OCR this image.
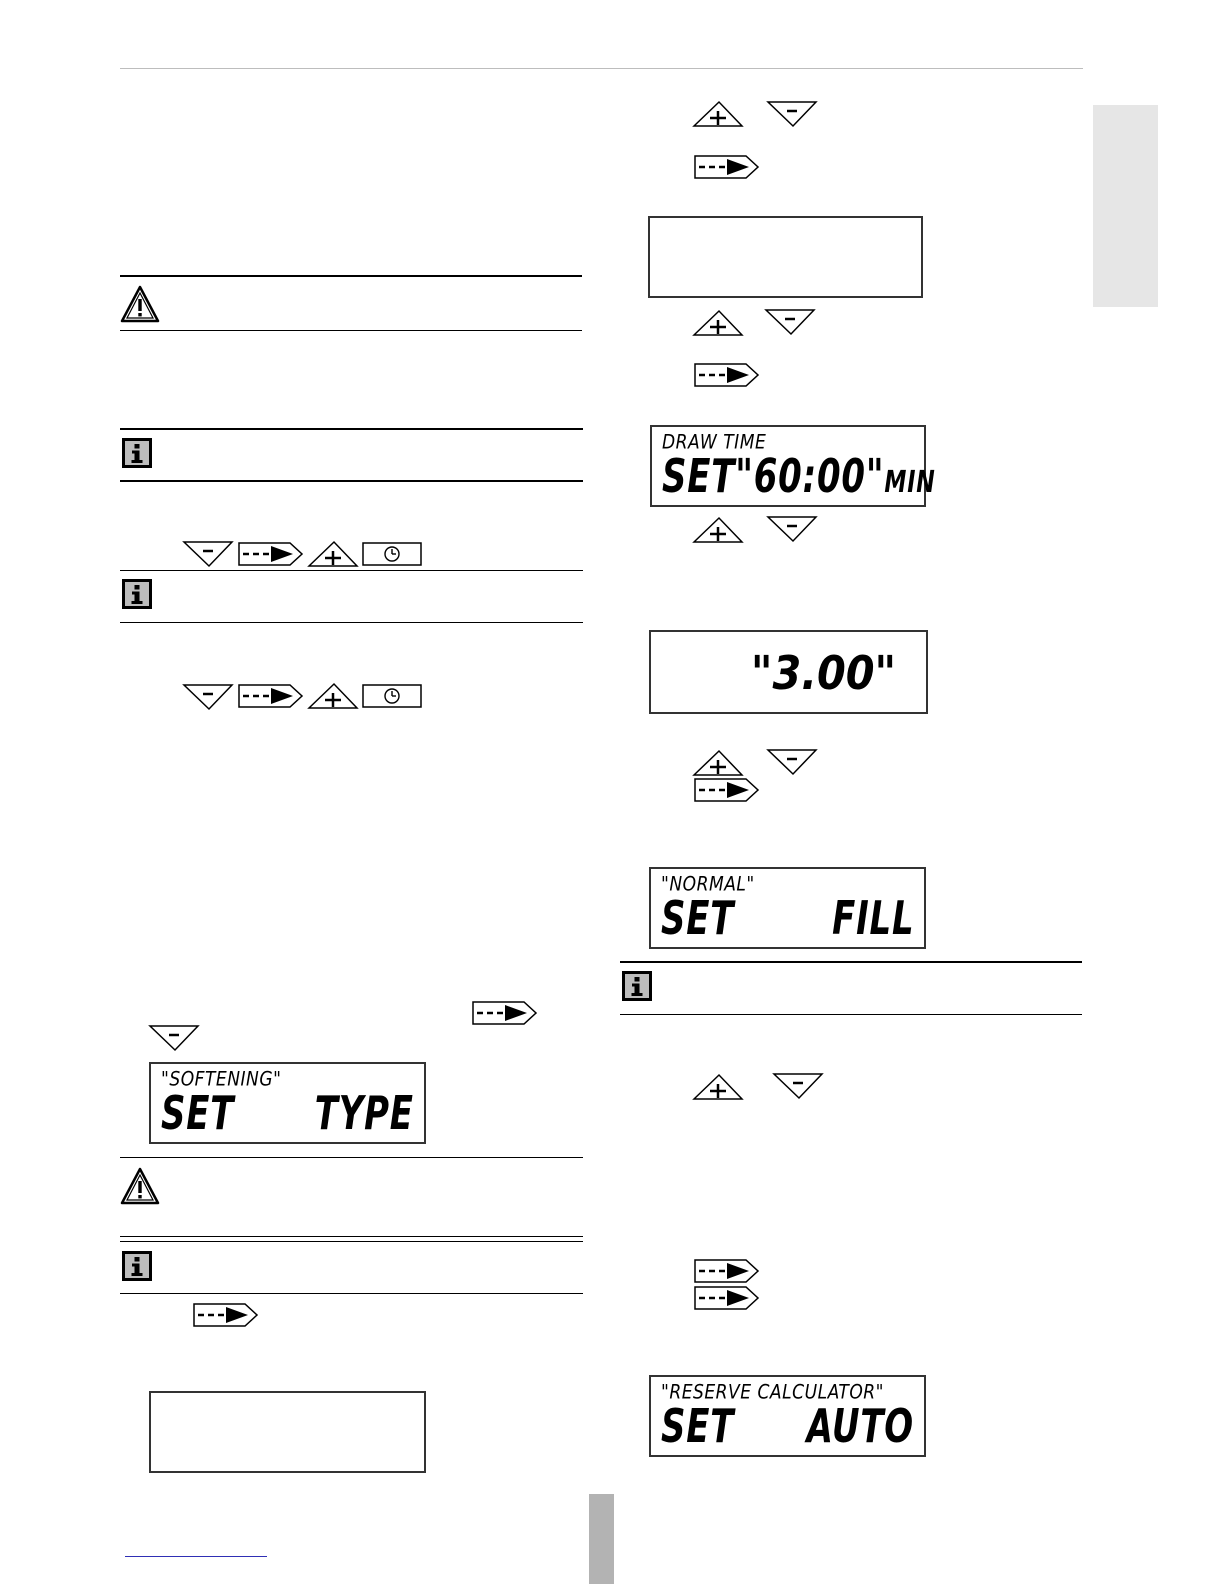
"SOFTENING"
SET TYPE
DRAW TIME
SET"60:00"MIN
"3.00"
"NORMAL"
SET FILL
"RESERVE CALCULATOR"
SET AUTO
